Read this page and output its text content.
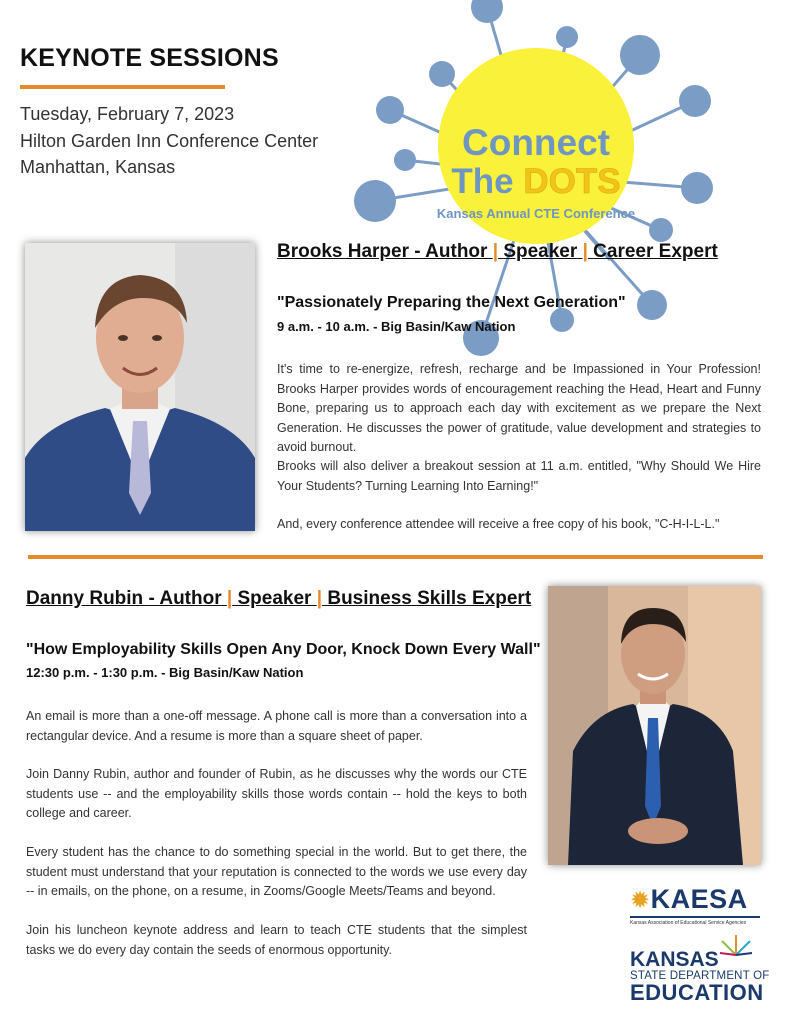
KEYNOTE SESSIONS
Tuesday, February 7, 2023
Hilton Garden Inn Conference Center
Manhattan, Kansas
Connect
The DOTS
Kansas Annual CTE Conference
Brooks Harper - Author | Speaker | Career Expert
"Passionately Preparing the Next Generation"

9 a.m. - 10 a.m. - Big Basin/Kaw Nation

It's time to re-energize, refresh, recharge and be Impassioned in Your Profession! Brooks Harper provides words of encouragement reaching the Head, Heart and Funny Bone, preparing us to approach each day with excitement as we prepare the Next Generation. He discusses the power of gratitude, value development and strategies to avoid burnout.

Brooks will also deliver a breakout session at 11 a.m. entitled, "Why Should We Hire Your Students? Turning Learning Into Earning!"

And, every conference attendee will receive a free copy of his book, "C-H-I-L-L."

Danny Rubin - Author | Speaker | Business Skills Expert
"How Employability Skills Open Any Door, Knock Down Every Wall"

12:30 p.m. - 1:30 p.m. - Big Basin/Kaw Nation

An email is more than a one-off message. A phone call is more than a conversation into a rectangular device. And a resume is more than a square sheet of paper.

Join Danny Rubin, author and founder of Rubin, as he discusses why the words our CTE students use -- and the employability skills those words contain -- hold the keys to both college and career.

Every student has the chance to do something special in the world. But to get there, the student must understand that your reputation is connected to the words we use every day -- in emails, on the phone, on a resume, in Zooms/Google Meets/Teams and beyond.

Join his luncheon keynote address and learn to teach CTE students that the simplest tasks we do every day contain the seeds of enormous opportunity.

✹KAESA
Kansas Association of Educational Service Agencies
KANSAS
STATE DEPARTMENT OF
EDUCATION
